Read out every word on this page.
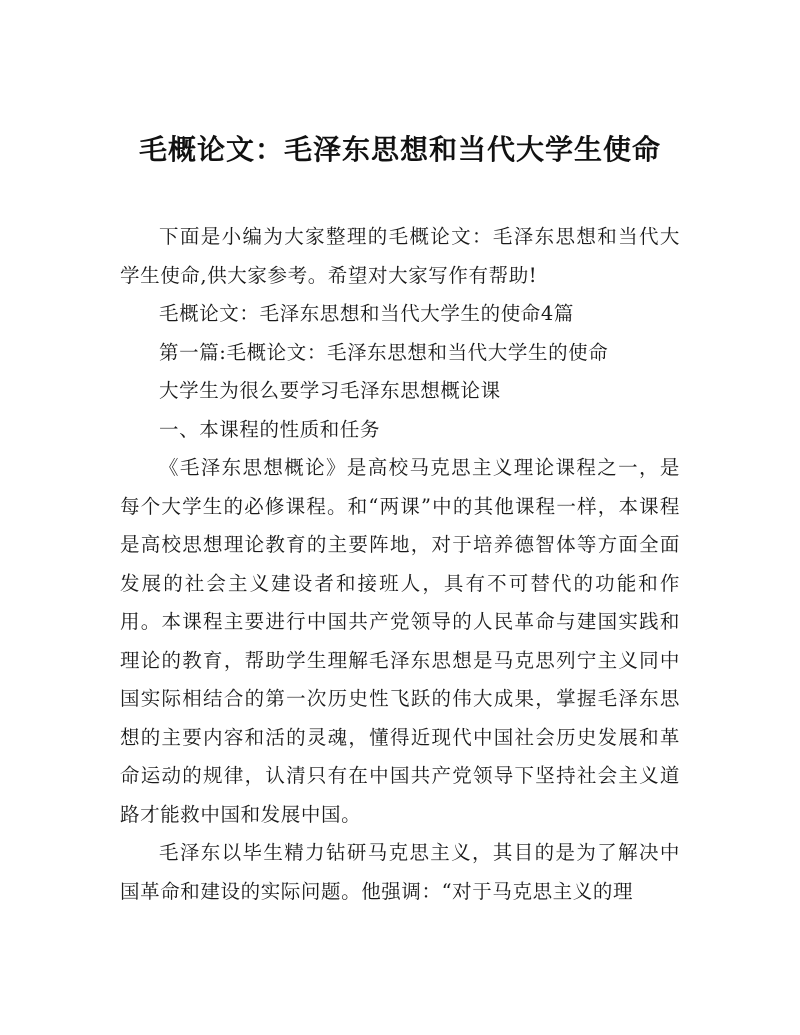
毛概论文：毛泽东思想和当代大学生使命

下面是小编为大家整理的毛概论文：毛泽东思想和当代大学生使命,供大家参考。希望对大家写作有帮助!

毛概论文：毛泽东思想和当代大学生的使命4篇

第一篇:毛概论文：毛泽东思想和当代大学生的使命

大学生为很么要学习毛泽东思想概论课

一、本课程的性质和任务

《毛泽东思想概论》是高校马克思主义理论课程之一，是每个大学生的必修课程。和“两课”中的其他课程一样，本课程是高校思想理论教育的主要阵地，对于培养德智体等方面全面发展的社会主义建设者和接班人，具有不可替代的功能和作用。本课程主要进行中国共产党领导的人民革命与建国实践和理论的教育，帮助学生理解毛泽东思想是马克思列宁主义同中国实际相结合的第一次历史性飞跃的伟大成果，掌握毛泽东思想的主要内容和活的灵魂，懂得近现代中国社会历史发展和革命运动的规律，认清只有在中国共产党领导下坚持社会主义道路才能救中国和发展中国。

毛泽东以毕生精力钻研马克思主义，其目的是为了解决中国革命和建设的实际问题。他强调：“对于马克思主义的理
